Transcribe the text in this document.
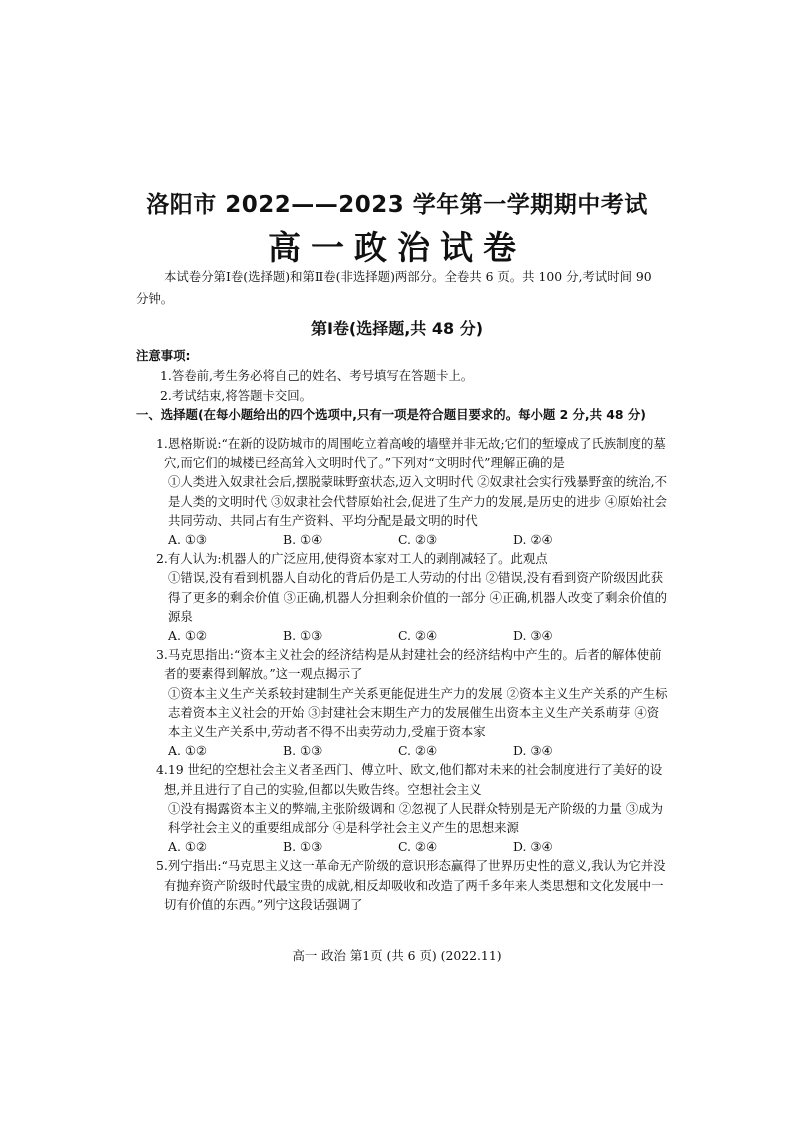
洛阳市 2022——2023 学年第一学期期中考试
高一政治试卷
本试卷分第Ⅰ卷(选择题)和第Ⅱ卷(非选择题)两部分。全卷共 6 页。共 100 分,考试时间 90 分钟。
第Ⅰ卷(选择题,共 48 分)
注意事项:
1.答卷前,考生务必将自己的姓名、考号填写在答题卡上。
2.考试结束,将答题卡交回。
一、选择题(在每小题给出的四个选项中,只有一项是符合题目要求的。每小题 2 分,共 48 分)
1.恩格斯说:“在新的设防城市的周围屹立着高峻的墙壁并非无故;它们的堑壕成了氏族制度的墓穴,而它们的城楼已经高耸入文明时代了。”下列对“文明时代”理解正确的是
①人类进入奴隶社会后,摆脱蒙昧野蛮状态,迈入文明时代 ②奴隶社会实行残暴野蛮的统治,不是人类的文明时代 ③奴隶社会代替原始社会,促进了生产力的发展,是历史的进步 ④原始社会共同劳动、共同占有生产资料、平均分配是最文明的时代
A. ①③	B. ①④	C. ②③	D. ②④
2.有人认为:机器人的广泛应用,使得资本家对工人的剥削减轻了。此观点
①错误,没有看到机器人自动化的背后仍是工人劳动的付出 ②错误,没有看到资产阶级因此获得了更多的剩余价值 ③正确,机器人分担剩余价值的一部分 ④正确,机器人改变了剩余价值的源泉
A. ①②	B. ①③	C. ②④	D. ③④
3.马克思指出:“资本主义社会的经济结构是从封建社会的经济结构中产生的。后者的解体使前者的要素得到解放。”这一观点揭示了
①资本主义生产关系较封建制生产关系更能促进生产力的发展 ②资本主义生产关系的产生标志着资本主义社会的开始 ③封建社会末期生产力的发展催生出资本主义生产关系萌芽 ④资本主义生产关系中,劳动者不得不出卖劳动力,受雇于资本家
A. ①②	B. ①③	C. ②④	D. ③④
4.19 世纪的空想社会主义者圣西门、傅立叶、欧文,他们都对未来的社会制度进行了美好的设想,并且进行了自己的实验,但都以失败告终。空想社会主义
①没有揭露资本主义的弊端,主张阶级调和 ②忽视了人民群众特别是无产阶级的力量 ③成为科学社会主义的重要组成部分 ④是科学社会主义产生的思想来源
A. ①②	B. ①③	C. ②④	D. ③④
5.列宁指出:“马克思主义这一革命无产阶级的意识形态赢得了世界历史性的意义,我认为它并没有抛弃资产阶级时代最宝贵的成就,相反却吸收和改造了两千多年来人类思想和文化发展中一切有价值的东西。”列宁这段话强调了
高一 政治 第1页 (共 6 页) (2022.11)
